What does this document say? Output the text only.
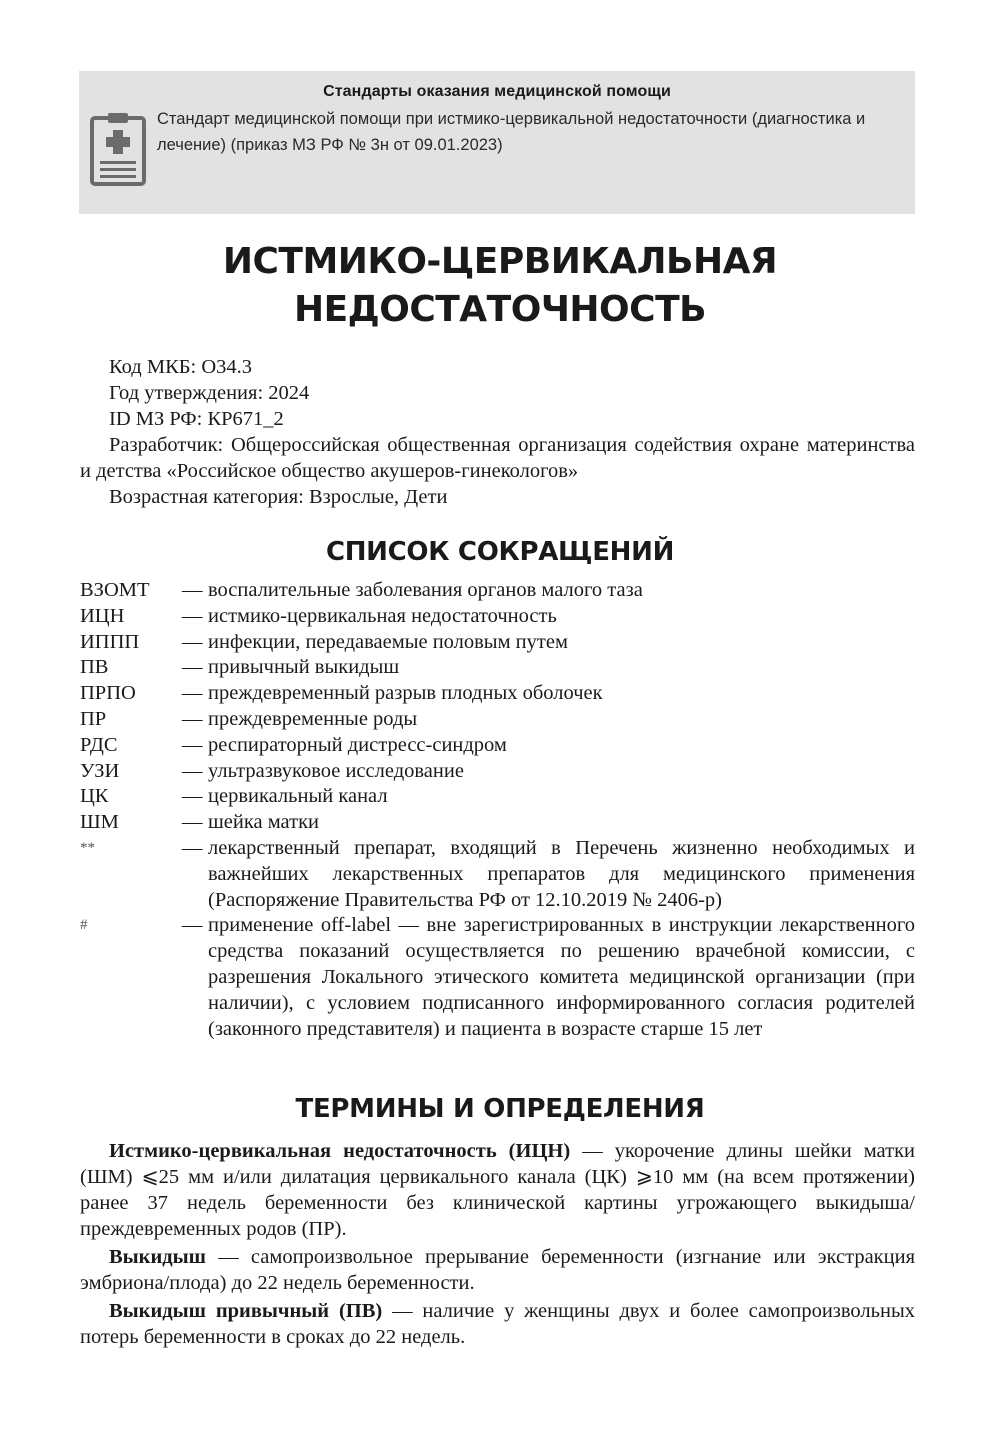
Стандарты оказания медицинской помощи
Стандарт медицинской помощи при истмико-цервикальной недостаточности (диагностика и лечение) (приказ МЗ РФ № 3н от 09.01.2023)
ИСТМИКО-ЦЕРВИКАЛЬНАЯ
НЕДОСТАТОЧНОСТЬ
Код МКБ: O34.3
Год утверждения: 2024
ID МЗ РФ: КР671_2
Разработчик: Общероссийская общественная организация содействия охране материнства и детства «Российское общество акушеров-гинекологов»
Возрастная категория: Взрослые, Дети
СПИСОК СОКРАЩЕНИЙ
ВЗОМТ	— воспалительные заболевания органов малого таза
ИЦН	— истмико-цервикальная недостаточность
ИППП	— инфекции, передаваемые половым путем
ПВ	— привычный выкидыш
ПРПО	— преждевременный разрыв плодных оболочек
ПР	— преждевременные роды
РДС	— респираторный дистресс-синдром
УЗИ	— ультразвуковое исследование
ЦК	— цервикальный канал
ШМ	— шейка матки
**	— лекарственный препарат, входящий в Перечень жизненно необходимых и важнейших лекарственных препаратов для медицинского применения (Распоряжение Правительства РФ от 12.10.2019 № 2406-р)
#	— применение off-label — вне зарегистрированных в инструкции лекарственного средства показаний осуществляется по решению врачебной комиссии, с разрешения Локального этического комитета медицинской организации (при наличии), с условием подписанного информированного согласия родителей (законного представителя) и пациента в возрасте старше 15 лет
ТЕРМИНЫ И ОПРЕДЕЛЕНИЯ
Истмико-цервикальная недостаточность (ИЦН) — укорочение длины шейки матки (ШМ) ⩽25 мм и/или дилатация цервикального канала (ЦК) ⩾10 мм (на всем протяжении) ранее 37 недель беременности без клинической картины угрожающего выкидыша/преждевременных родов (ПР).
Выкидыш — самопроизвольное прерывание беременности (изгнание или экстракция эмбриона/плода) до 22 недель беременности.
Выкидыш привычный (ПВ) — наличие у женщины двух и более самопроизвольных потерь беременности в сроках до 22 недель.
